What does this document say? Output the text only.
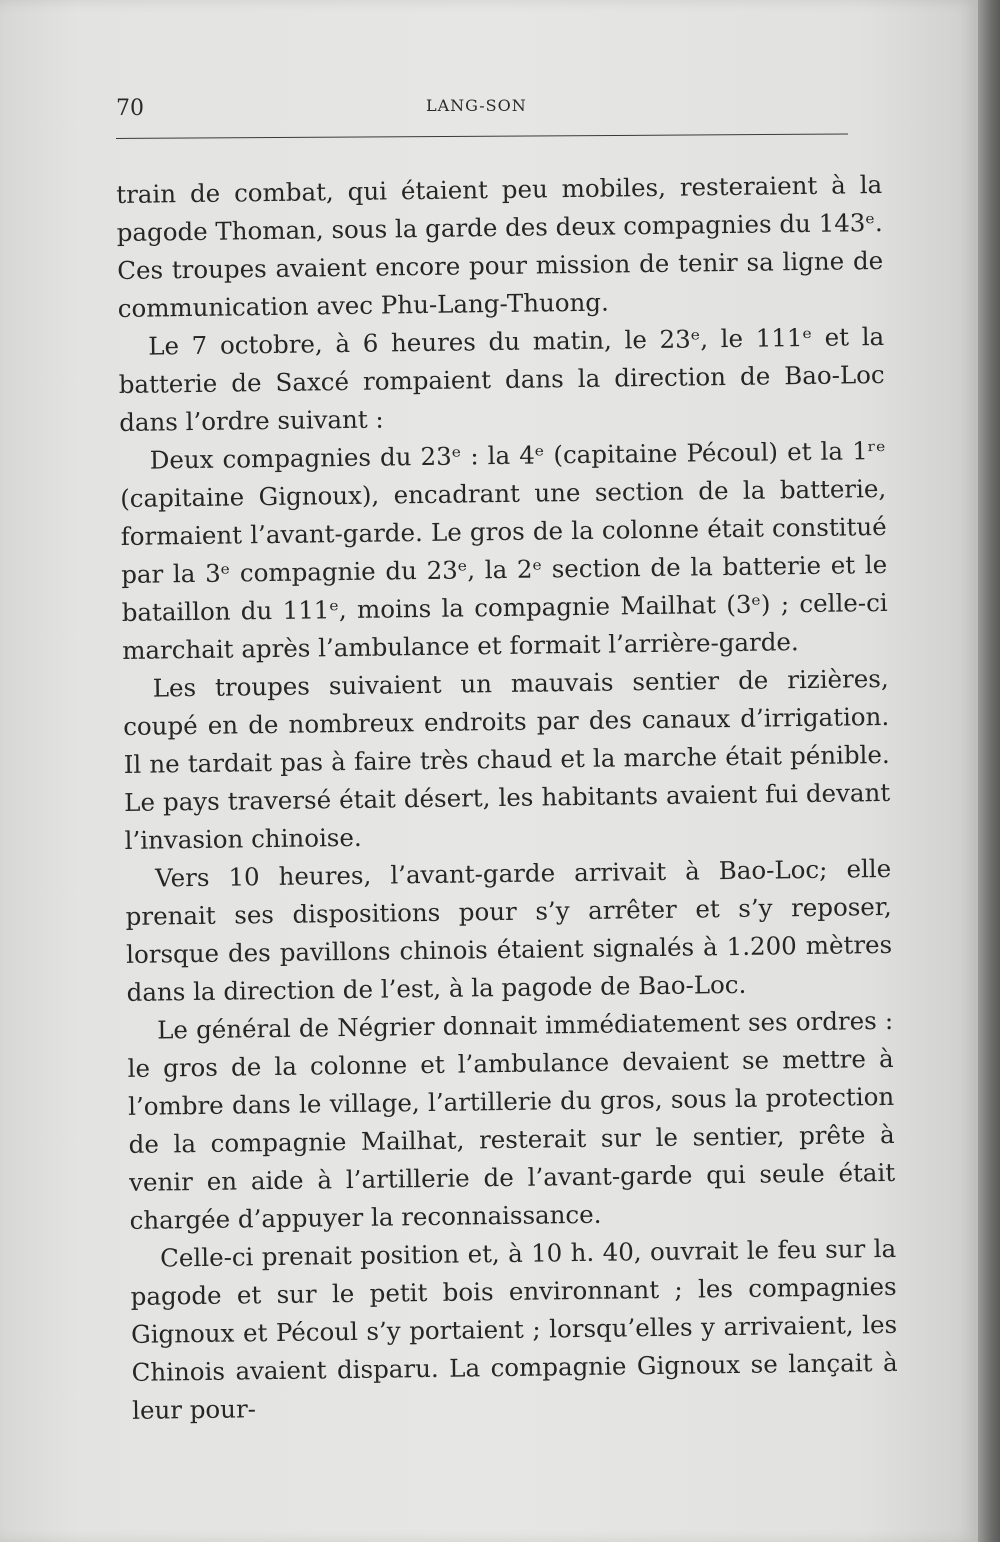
70	LANG-SON

train de combat, qui étaient peu mobiles, resteraient à la pagode Thoman, sous la garde des deux compagnies du 143ᵉ. Ces troupes avaient encore pour mission de tenir sa ligne de communication avec Phu-Lang-Thuong.

Le 7 octobre, à 6 heures du matin, le 23ᵉ, le 111ᵉ et la batterie de Saxcé rompaient dans la direction de Bao-Loc dans l’ordre suivant :

Deux compagnies du 23ᵉ : la 4ᵉ (capitaine Pécoul) et la 1ʳᵉ (capitaine Gignoux), encadrant une section de la batterie, formaient l’avant-garde. Le gros de la colonne était constitué par la 3ᵉ compagnie du 23ᵉ, la 2ᵉ section de la batterie et le bataillon du 111ᵉ, moins la compagnie Mailhat (3ᵉ) ; celle-ci marchait après l’ambulance et formait l’arrière-garde.

Les troupes suivaient un mauvais sentier de rizières, coupé en de nombreux endroits par des canaux d’irrigation. Il ne tardait pas à faire très chaud et la marche était pénible. Le pays traversé était désert, les habitants avaient fui devant l’invasion chinoise.

Vers 10 heures, l’avant-garde arrivait à Bao-Loc; elle prenait ses dispositions pour s’y arrêter et s’y reposer, lorsque des pavillons chinois étaient signalés à 1.200 mètres dans la direction de l’est, à la pagode de Bao-Loc.

Le général de Négrier donnait immédiatement ses ordres : le gros de la colonne et l’ambulance devaient se mettre à l’ombre dans le village, l’artillerie du gros, sous la protection de la compagnie Mailhat, resterait sur le sentier, prête à venir en aide à l’artillerie de l’avant-garde qui seule était chargée d’appuyer la reconnaissance.

Celle-ci prenait position et, à 10 h. 40, ouvrait le feu sur la pagode et sur le petit bois environnant ; les compagnies Gignoux et Pécoul s’y portaient ; lorsqu’elles y arrivaient, les Chinois avaient disparu. La compagnie Gignoux se lançait à leur pour-
